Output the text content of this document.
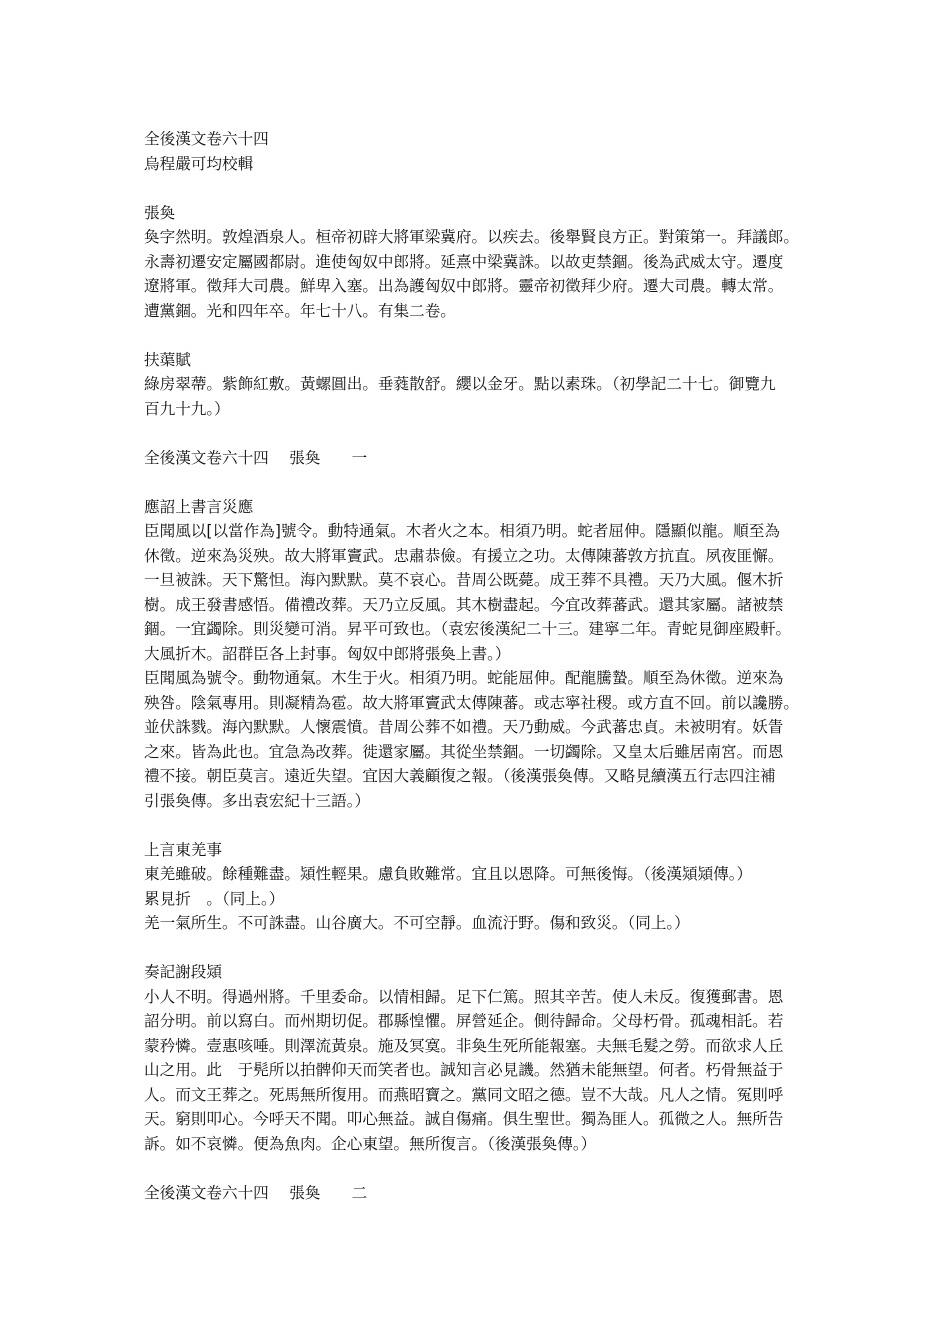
全後漢文卷六十四
烏程嚴可均校輯
張奐
奐字然明。敦煌酒泉人。桓帝初辟大將軍梁冀府。以疾去。後舉賢良方正。對策第一。拜議郎。
永壽初遷安定屬國都尉。進使匈奴中郎將。延熹中梁冀誅。以故吏禁錮。後為武威太守。遷度
遼將軍。徵拜大司農。鮮卑入塞。出為護匈奴中郎將。靈帝初徵拜少府。遷大司農。轉太常。
遭黨錮。光和四年卒。年七十八。有集二卷。
扶蕖賦
綠房翠蔕。紫飾紅敷。黃螺圓出。垂蕤散舒。纓以金牙。點以素珠。（初學記二十七。御覽九
百九十九。）
全後漢文卷六十四　 張奐　　一
應詔上書言災應
臣聞風以[以當作為]號令。動特通氣。木者火之本。相須乃明。蛇者屈伸。隱顯似龍。順至為
休徵。逆來為災殃。故大將軍竇武。忠肅恭儉。有援立之功。太傳陳蕃敦方抗直。夙夜匪懈。
一旦被誅。天下驚怛。海內默默。莫不哀心。昔周公既薨。成王葬不具禮。天乃大風。偃木折
樹。成王發書感悟。備禮改葬。天乃立反風。其木樹盡起。今宜改葬蕃武。還其家屬。諸被禁
錮。一宜蠲除。則災變可消。昇平可致也。（袁宏後漢紀二十三。建寧二年。青蛇見御座殿軒。
大風折木。詔群臣各上封事。匈奴中郎將張奐上書。）
臣聞風為號令。動物通氣。木生于火。相須乃明。蛇能屈伸。配龍騰蟄。順至為休徵。逆來為
殃咎。陰氣專用。則凝精為雹。故大將軍竇武太傳陳蕃。或志寧社稷。或方直不回。前以讒勝。
並伏誅戮。海內默默。人懷震憤。昔周公葬不如禮。天乃動威。今武蕃忠貞。未被明宥。妖眚
之來。皆為此也。宜急為改葬。徙還家屬。其從坐禁錮。一切蠲除。又皇太后雖居南宮。而恩
禮不接。朝臣莫言。遠近失望。宜因大義顧復之報。（後漢張奐傳。又略見續漢五行志四注補
引張奐傳。多出袁宏紀十三語。）
上言東羌事
東羌雖破。餘種難盡。熲性輕果。慮負敗難常。宜且以恩降。可無後悔。（後漢熲熲傳。）
累見折　。（同上。）
羌一氣所生。不可誅盡。山谷廣大。不可空靜。血流汙野。傷和致災。（同上。）
奏記謝段熲
小人不明。得過州將。千里委命。以情相歸。足下仁篤。照其辛苦。使人未反。復獲郵書。恩
詔分明。前以寫白。而州期切促。郡縣惶懼。屏營延企。側待歸命。父母朽骨。孤魂相託。若
蒙矜憐。壹惠咳唾。則澤流黃泉。施及冥寞。非奐生死所能報塞。夫無毛髮之勞。而欲求人丘
山之用。此　于髡所以拍髀仰天而笑者也。誠知言必見譏。然猶未能無望。何者。朽骨無益于
人。而文王葬之。死馬無所復用。而燕昭寶之。黨同文昭之德。豈不大哉。凡人之情。冤則呼
天。窮則叩心。今呼天不聞。叩心無益。誠自傷痛。俱生聖世。獨為匪人。孤微之人。無所告
訴。如不哀憐。便為魚肉。企心東望。無所復言。（後漢張奐傳。）
全後漢文卷六十四　 張奐　　二
